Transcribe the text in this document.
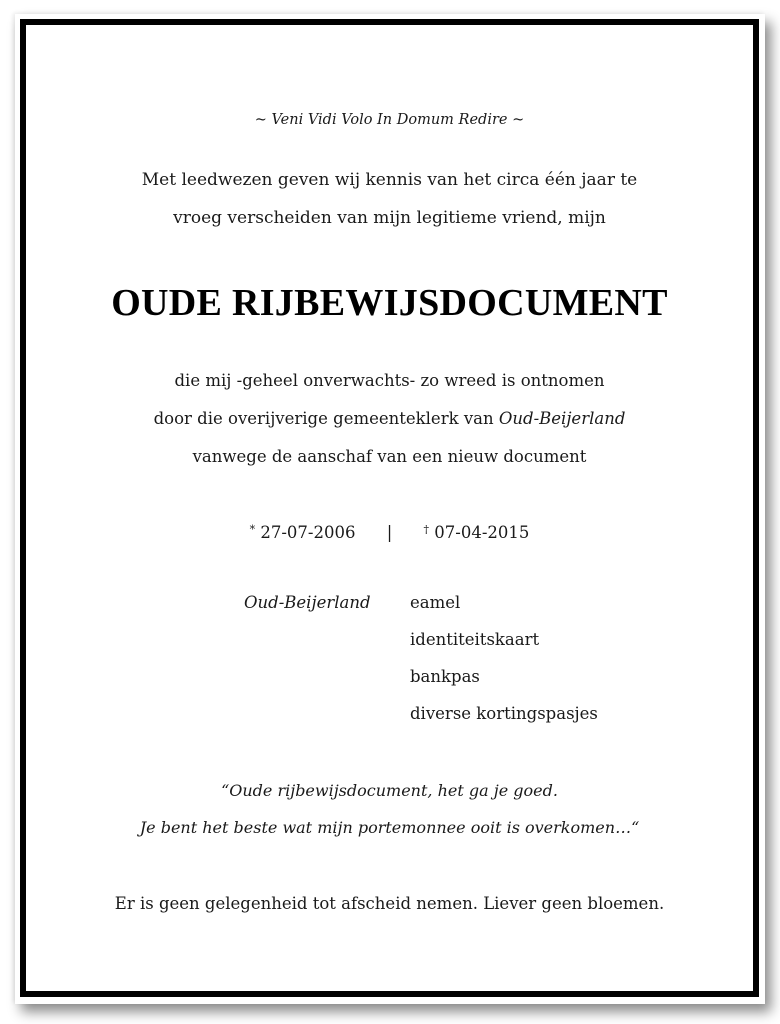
~ Veni Vidi Volo In Domum Redire ~
Met leedwezen geven wij kennis van het circa één jaar te
vroeg verscheiden van mijn legitieme vriend, mijn
OUDE RIJBEWIJSDOCUMENT
die mij -geheel onverwachts- zo wreed is ontnomen
door die overijverige gemeenteklerk van Oud-Beijerland
vanwege de aanschaf van een nieuw document
* 27-07-2006 |	† 07-04-2015
Oud-Beijerland eamel
identiteitskaart
bankpas
diverse kortingspasjes
“Oude rijbewijsdocument, het ga je goed.
Je bent het beste wat mijn portemonnee ooit is overkomen…“
Er is geen gelegenheid tot afscheid nemen. Liever geen bloemen.
